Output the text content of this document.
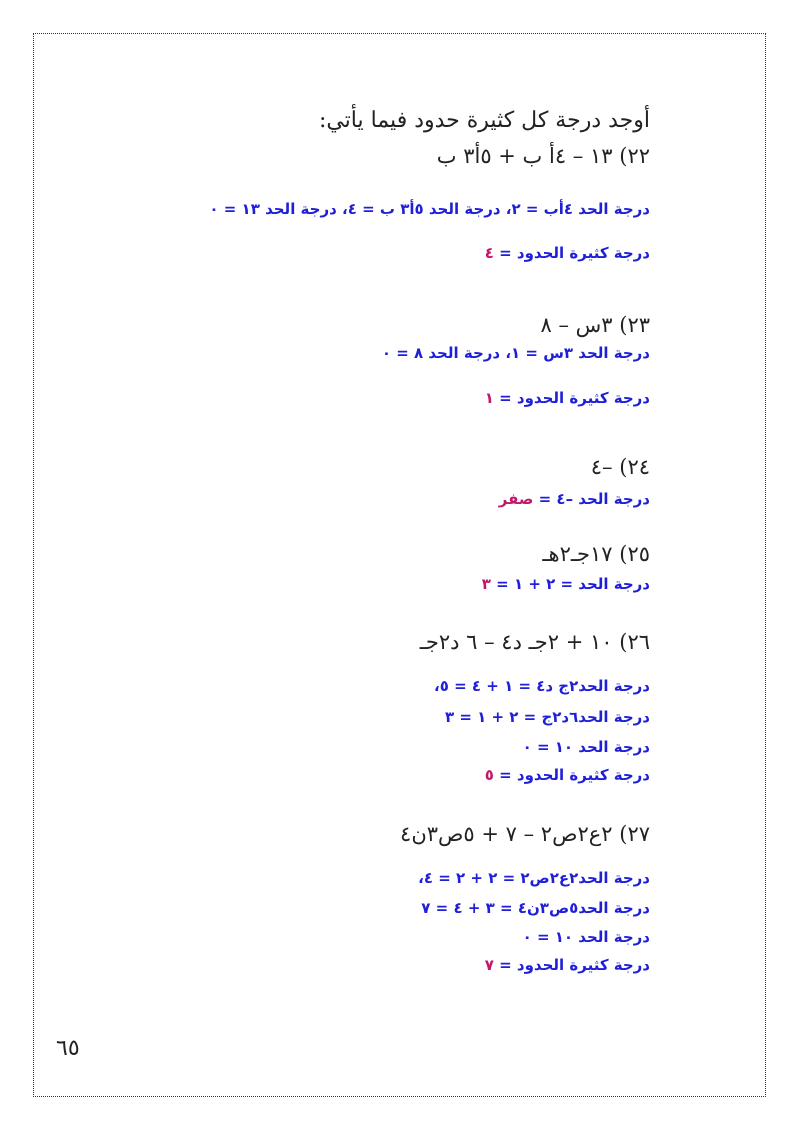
أوجد درجة كل كثيرة حدود فيما يأتي:
٢٢) ١٣ – ٤أ ب + ٥أ٣ ب
درجة الحد ٤أب = ٢، درجة الحد ٥أ٣ ب = ٤، درجة الحد ١٣ = ٠
درجة كثيرة الحدود = ٤
٢٣) ٣س – ٨
درجة الحد ٣س = ١، درجة الحد ٨ = ٠
درجة كثيرة الحدود = ١
٢٤) –٤
درجة الحد –٤ = صفر
٢٥) ١٧جـ٢هـ
درجة الحد = ٢ + ١ = ٣
٢٦) ١٠ + ٢جـ د٤ – ٦ د٢جـ
درجة الحد٢ج د٤ = ١ + ٤ = ٥،
درجة الحد٦د٢ج = ٢ + ١ = ٣
درجة الحد ١٠ = ٠
درجة كثيرة الحدود = ٥
٢٧) ٢ع٢ص٢ – ٧ + ٥ص٣ن٤
درجة الحد٢ع٢ص٢ = ٢ + ٢ = ٤،
درجة الحد٥ص٣ن٤ = ٣ + ٤ = ٧
درجة الحد ١٠ = ٠
درجة كثيرة الحدود = ٧
٦٥
